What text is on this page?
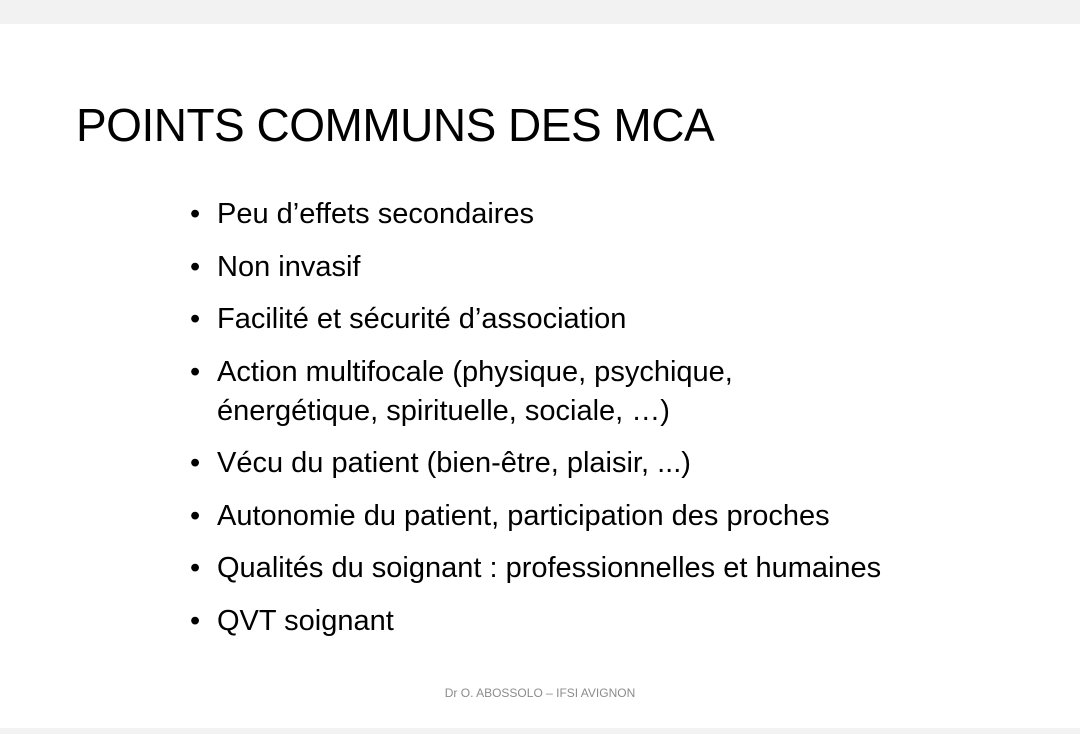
POINTS COMMUNS DES MCA
• Peu d’effets secondaires
• Non invasif
• Facilité et sécurité d’association
• Action multifocale (physique, psychique,
énergétique, spirituelle, sociale, …)
• Vécu du patient (bien-être, plaisir, ...)
• Autonomie du patient, participation des proches
• Qualités du soignant : professionnelles et humaines
• QVT soignant
Dr O. ABOSSOLO – IFSI AVIGNON
